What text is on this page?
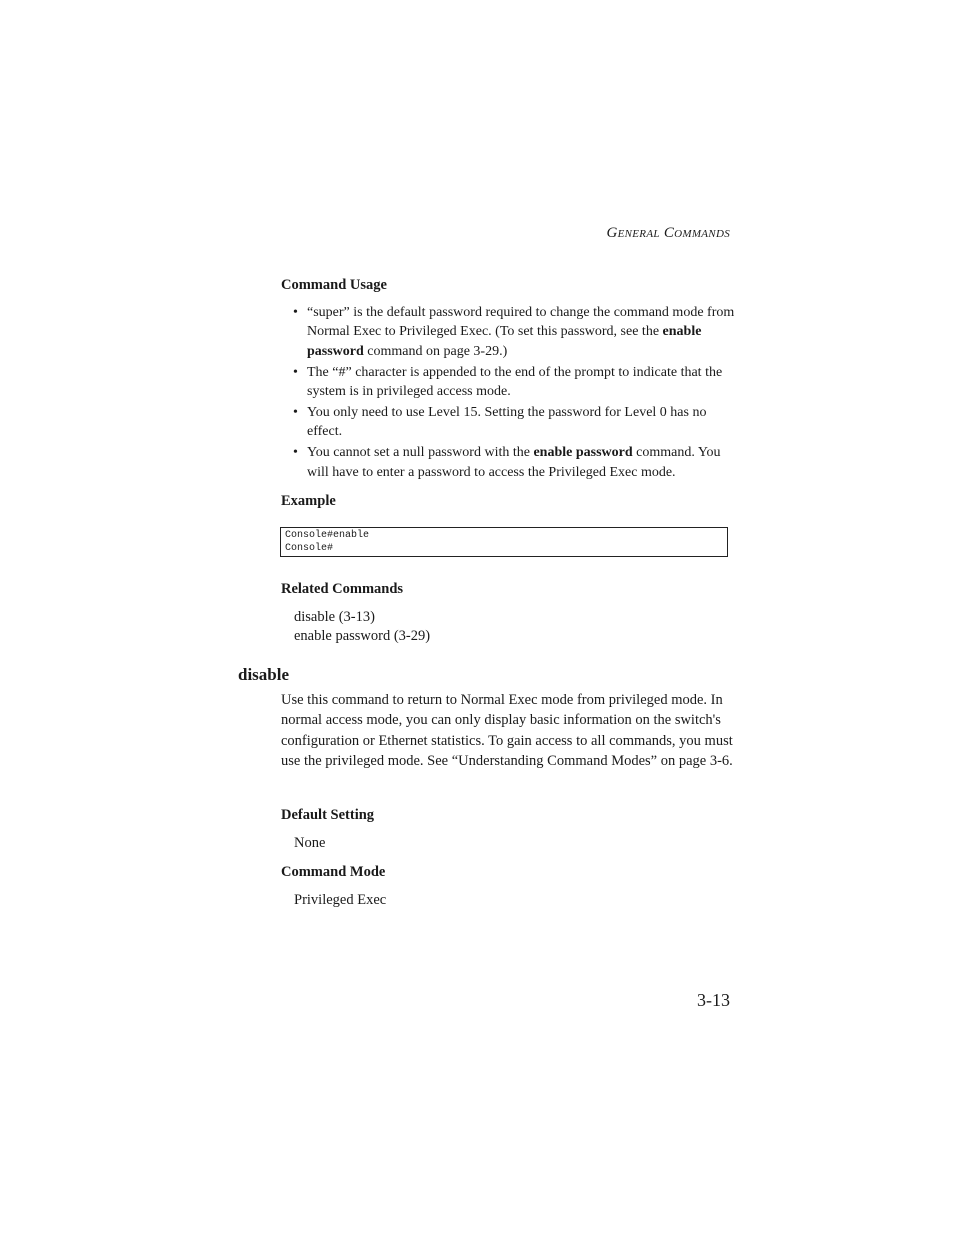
General Commands
Command Usage
• “super” is the default password required to change the command mode from Normal Exec to Privileged Exec. (To set this password, see the enable password command on page 3-29.)
• The “#” character is appended to the end of the prompt to indicate that the system is in privileged access mode.
• You only need to use Level 15. Setting the password for Level 0 has no effect.
• You cannot set a null password with the enable password command. You will have to enter a password to access the Privileged Exec mode.
Example
Console#enable
Console#
Related Commands
disable (3-13)
enable password (3-29)
disable
Use this command to return to Normal Exec mode from privileged mode. In normal access mode, you can only display basic information on the switch's configuration or Ethernet statistics. To gain access to all commands, you must use the privileged mode. See “Understanding Command Modes” on page 3-6.
Default Setting
None
Command Mode
Privileged Exec
3-13
